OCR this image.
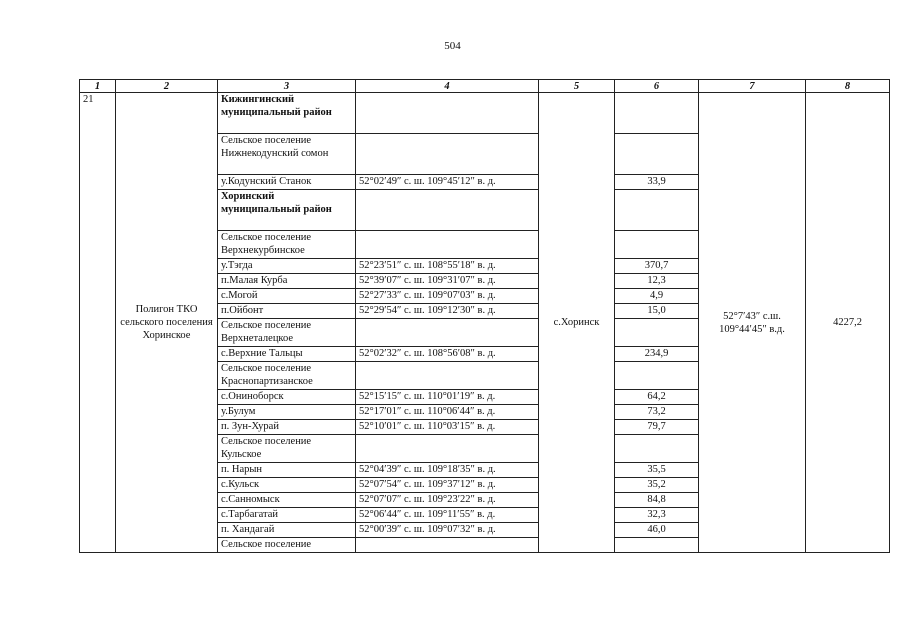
504
1	2	3	4	5	6	7	8
21	Полигон ТКО сельского поселения Хоринское	Кижингинский муниципальный район		с.Хоринск		52°7′43″ с.ш. 109°44′45″ в.д.	4227,2
		Сельское поселение Нижнекодунский сомон					
		у.Кодунский Станок	52°02′49″ с. ш. 109°45′12″ в. д.		33,9		
		Хоринский муниципальный район					
		Сельское поселение Верхнекурбинское					
		у.Тэгда	52°23′51″ с. ш. 108°55′18″ в. д.		370,7		
		п.Малая Курба	52°39′07″ с. ш. 109°31′07″ в. д.		12,3		
		с.Могой	52°27′33″ с. ш. 109°07′03″ в. д.		4,9		
		п.Ойбонт	52°29′54″ с. ш. 109°12′30″ в. д.		15,0		
		Сельское поселение Верхнеталецкое					
		с.Верхние Тальцы	52°02′32″ с. ш. 108°56′08″ в. д.		234,9		
		Сельское поселение Краснопартизанское					
		с.Ониноборск	52°15′15″ с. ш. 110°01′19″ в. д.		64,2		
		у.Булум	52°17′01″ с. ш. 110°06′44″ в. д.		73,2		
		п. Зун-Хурай	52°10′01″ с. ш. 110°03′15″ в. д.		79,7		
		Сельское поселение Кульское					
		п. Нарын	52°04′39″ с. ш. 109°18′35″ в. д.		35,5		
		с.Кульск	52°07′54″ с. ш. 109°37′12″ в. д.		35,2		
		с.Санномыск	52°07′07″ с. ш. 109°23′22″ в. д.		84,8		
		с.Тарбагатай	52°06′44″ с. ш. 109°11′55″ в. д.		32,3		
		п. Хандагай	52°00′39″ с. ш. 109°07′32″ в. д.		46,0		
		Сельское поселение					
